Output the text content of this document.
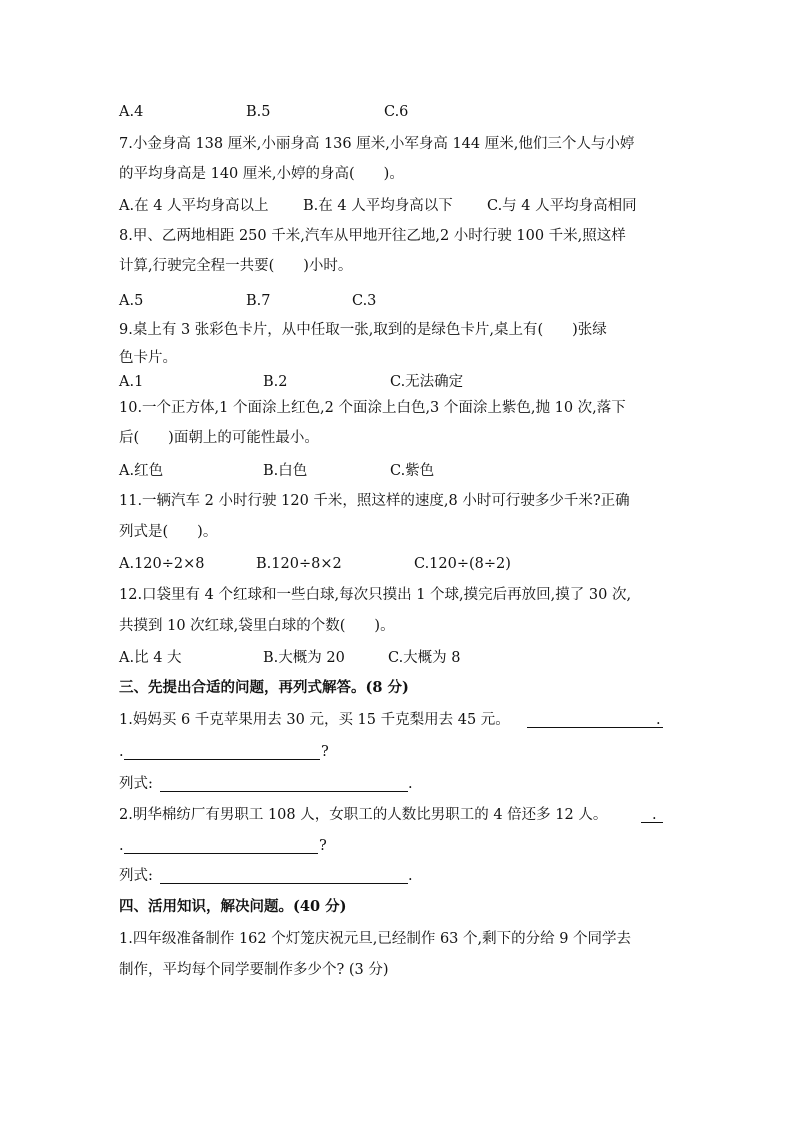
A.4	B.5	C.6
7.小金身高 138 厘米,小丽身高 136 厘米,小军身高 144 厘米,他们三个人与小婷
的平均身高是 140 厘米,小婷的身高(　　)。
A.在 4 人平均身高以上 B.在 4 人平均身高以下 C.与 4 人平均身高相同
8.甲、乙两地相距 250 千米,汽车从甲地开往乙地,2 小时行驶 100 千米,照这样
计算,行驶完全程一共要(　　)小时。
A.5	B.7	C.3
9.桌上有 3 张彩色卡片，从中任取一张,取到的是绿色卡片,桌上有(　　)张绿
色卡片。
A.1	B.2	C.无法确定
10.一个正方体,1 个面涂上红色,2 个面涂上白色,3 个面涂上紫色,抛 10 次,落下
后(　　)面朝上的可能性最小。
A.红色	B.白色	C.紫色
11.一辆汽车 2 小时行驶 120 千米，照这样的速度,8 小时可行驶多少千米?正确
列式是(　　)。
A.120÷2×8	B.120÷8×2	C.120÷(8÷2)
12.口袋里有 4 个红球和一些白球,每次只摸出 1 个球,摸完后再放回,摸了 30 次,
共摸到 10 次红球,袋里白球的个数(　　)。
A.比 4 大	B.大概为 20	C.大概为 8
三、先提出合适的问题，再列式解答。(8 分)
1.妈妈买 6 千克苹果用去 30 元，买 15 千克梨用去 45 元。	.
.	?
列式:	.
2.明华棉纺厂有男职工 108 人，女职工的人数比男职工的 4 倍还多 12 人。	.
.	?
列式:	.
四、活用知识，解决问题。(40 分)
1.四年级准备制作 162 个灯笼庆祝元旦,已经制作 63 个,剩下的分给 9 个同学去
制作，平均每个同学要制作多少个? (3 分)
